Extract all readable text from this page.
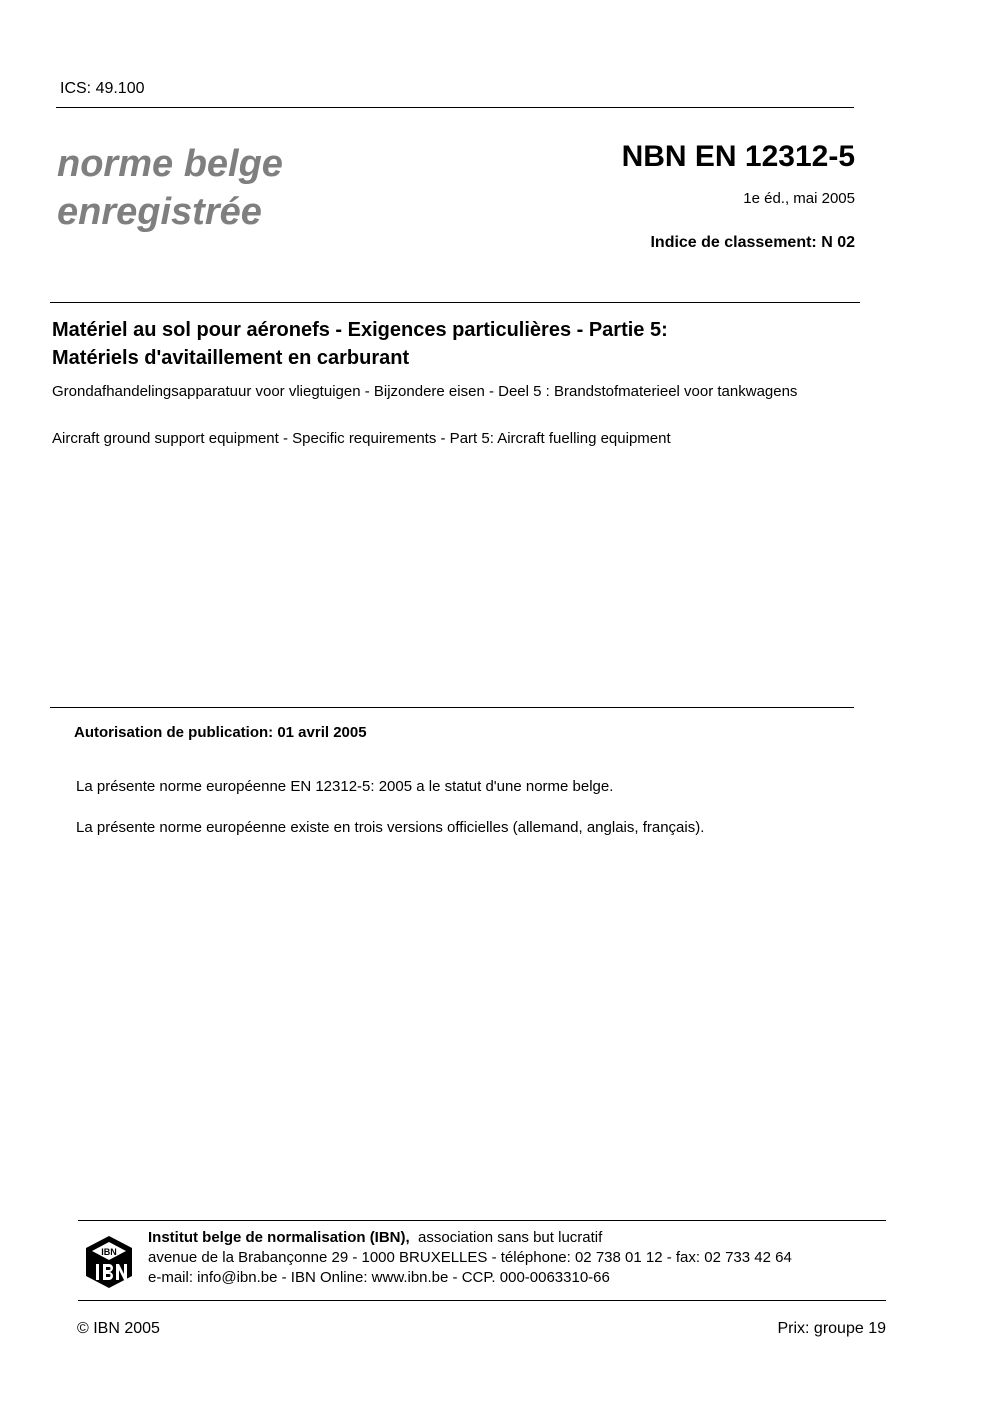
ICS: 49.100
norme belge
enregistrée
NBN EN 12312-5
1e éd., mai 2005
Indice de classement: N 02
Matériel au sol pour aéronefs - Exigences particulières - Partie 5:
Matériels d'avitaillement en carburant
Grondafhandelingsapparatuur voor vliegtuigen - Bijzondere eisen - Deel 5 : Brandstofmaterieel voor tankwagens
Aircraft ground support equipment - Specific requirements - Part 5: Aircraft fuelling equipment
Autorisation de publication: 01 avril 2005
La présente norme européenne EN 12312-5: 2005 a le statut d'une norme belge.
La présente norme européenne existe en trois versions officielles (allemand, anglais, français).
IBN
Institut belge de normalisation (IBN), association sans but lucratif
avenue de la Brabançonne 29 - 1000 BRUXELLES - téléphone: 02 738 01 12 - fax: 02 733 42 64
e-mail: info@ibn.be - IBN Online: www.ibn.be - CCP. 000-0063310-66
© IBN 2005	Prix: groupe 19
